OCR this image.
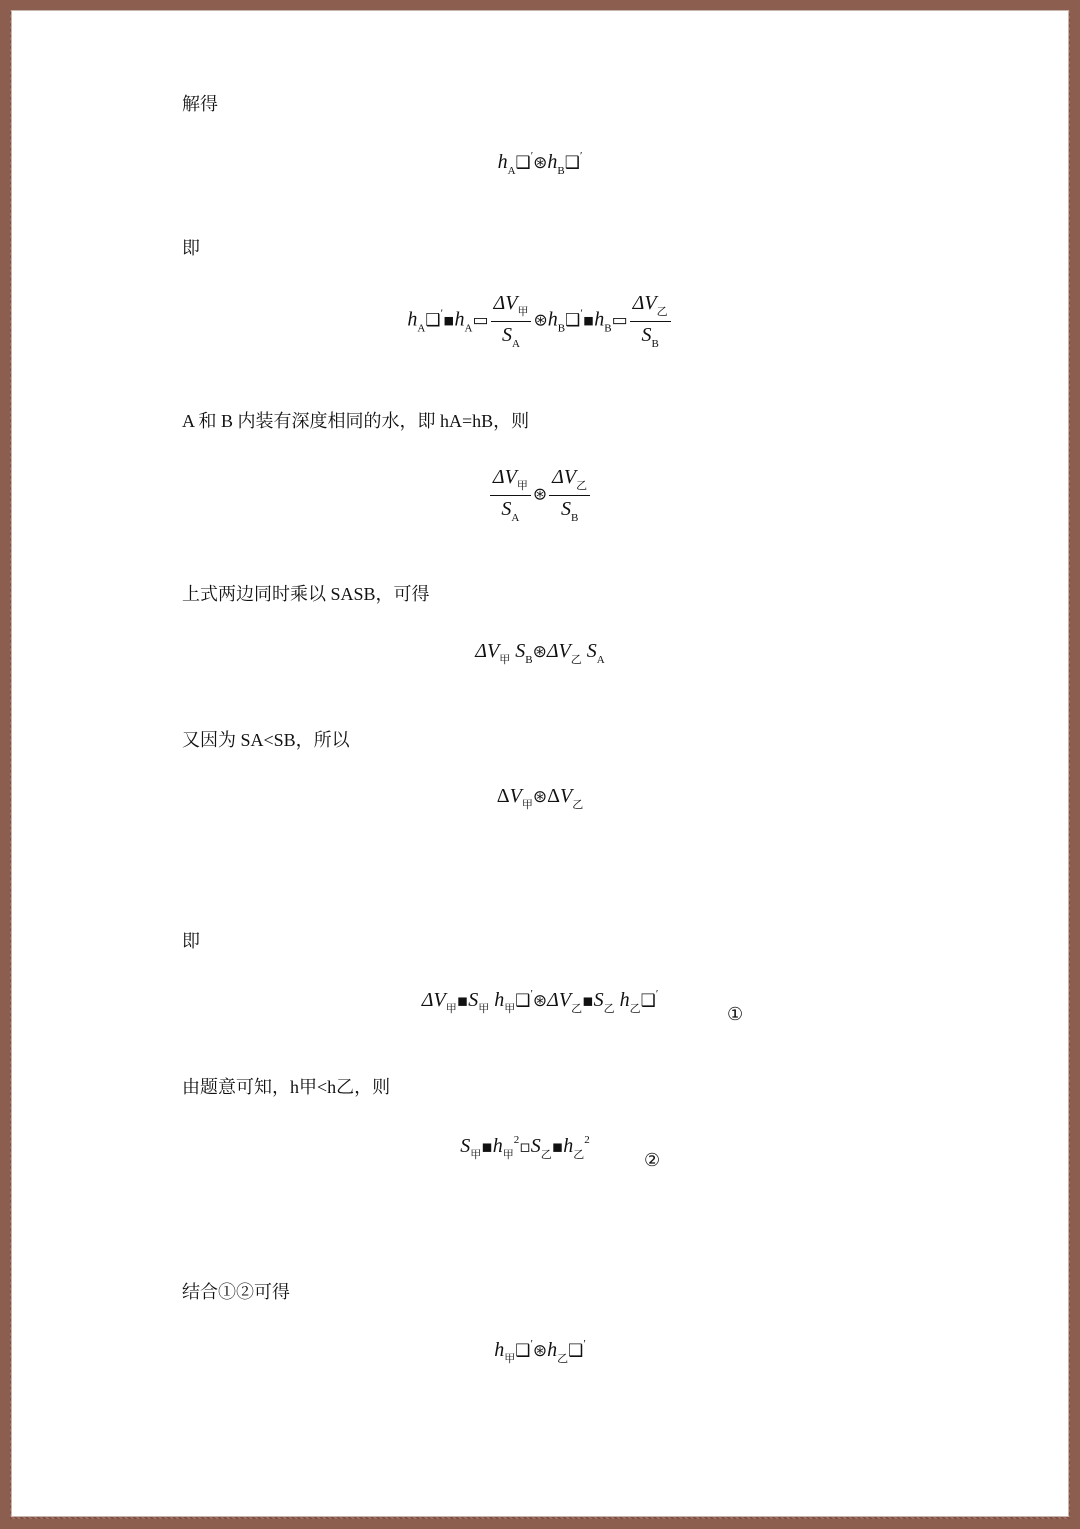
解得
$h_A❑'⊛h_B❑'$
即
$h_A❑'▪h_A▭ \frac{\Delta V_甲}{S_A}$ $⊛h_B❑'▪h_B▭ \frac{\Delta V_乙}{S_B}$
A 和 B 内装有深度相同的水，即 hA=hB，则
$\frac{\Delta V_甲}{S_A}$ ⊛ $\frac{\Delta V_乙}{S_B}$
上式两边同时乘以 SASB，可得
$\Delta V_甲$ $S_B⊛\Delta V_乙$ $S_A$
又因为 SA<SB，所以
$\Delta V_甲⊛\Delta V_乙$
即
$\Delta V_甲▪S_甲$ $h_甲❑'⊛\Delta V_乙▪S_乙$ $h_乙❑'$
①
由题意可知，h甲<h乙，则
$S_甲▪h_甲^2▫S_乙▪h_乙^2$
②
结合①②可得
$h_甲❑'⊛h_乙❑'$
